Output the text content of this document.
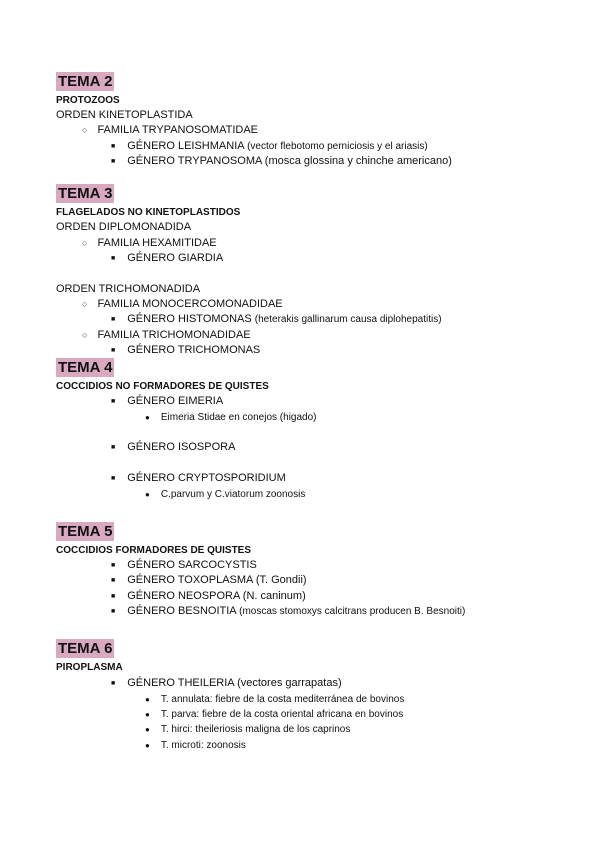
TEMA 2
PROTOZOOS
ORDEN KINETOPLASTIDA
○ FAMILIA TRYPANOSOMATIDAE
■ GÉNERO LEISHMANIA (vector flebotomo perniciosis y el ariasis)
■ GÉNERO TRYPANOSOMA (mosca glossina y chinche americano)
TEMA 3
FLAGELADOS NO KINETOPLASTIDOS
ORDEN DIPLOMONADIDA
○ FAMILIA HEXAMITIDAE
■ GÉNERO GIARDIA
ORDEN TRICHOMONADIDA
○ FAMILIA MONOCERCOMONADIDAE
■ GÉNERO HISTOMONAS (heterakis gallinarum causa diplohepatitis)
○ FAMILIA TRICHOMONADIDAE
■ GÉNERO TRICHOMONAS
TEMA 4
COCCIDIOS NO FORMADORES DE QUISTES
■ GÉNERO EIMERIA
● Eimeria Stidae en conejos (higado)
■ GÉNERO ISOSPORA
■ GÉNERO CRYPTOSPORIDIUM
● C.parvum y C.viatorum zoonosis
TEMA 5
COCCIDIOS FORMADORES DE QUISTES
■ GÉNERO SARCOCYSTIS
■ GÉNERO TOXOPLASMA (T. Gondii)
■ GÉNERO NEOSPORA (N. caninum)
■ GÉNERO BESNOITIA (moscas stomoxys calcitrans producen B. Besnoiti)
TEMA 6
PIROPLASMA
■ GÉNERO THEILERIA (vectores garrapatas)
● T. annulata: fiebre de la costa mediterránea de bovinos
● T. parva: fiebre de la costa oriental africana en bovinos
● T. hirci: theileriosis maligna de los caprinos
● T. microti: zoonosis
